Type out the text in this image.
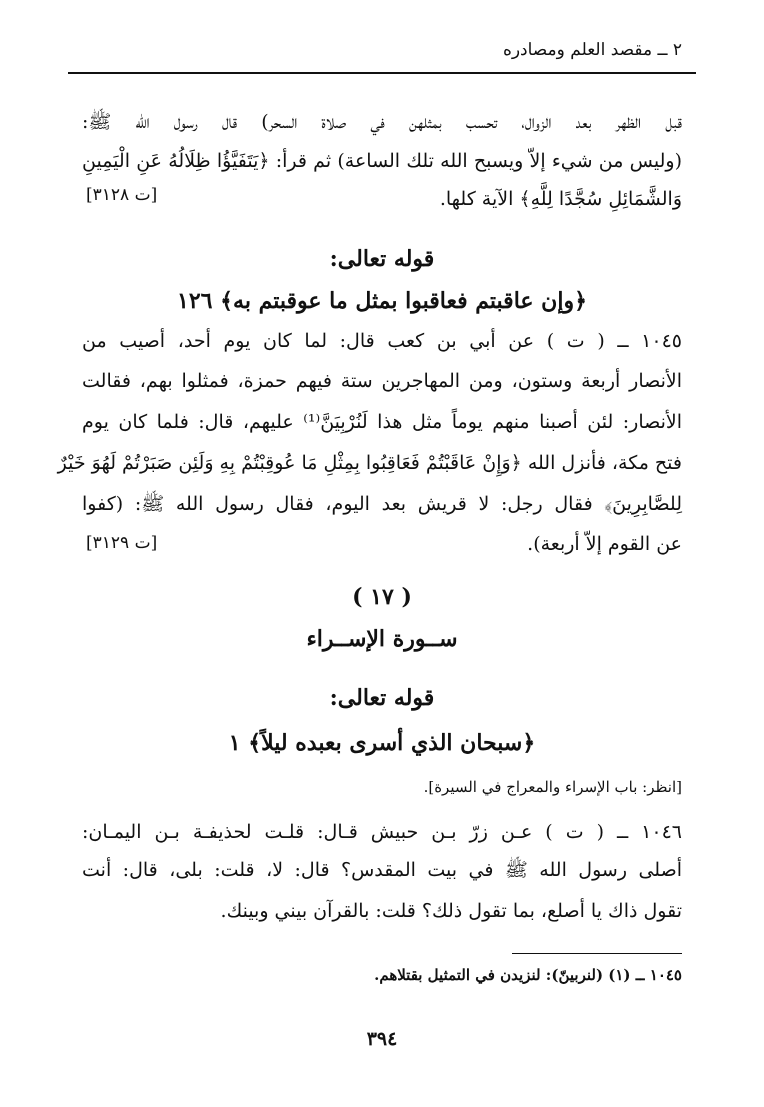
٢ ــ مقصد العلم ومصادره
قبل الظهر بعد الزوال، تحسب بمثلهن في صلاة السحر) قال رسول الله ﷺ:
(وليس من شيء إلاّ ويسبح الله تلك الساعة) ثم قرأ: ﴿يَتَفَيَّؤُا ظِلَالُهُ عَنِ الْيَمِينِ
وَالشَّمَائِلِ سُجَّدًا لِلَّهِ﴾ الآية كلها.
[ت ٣١٢٨]
قوله تعالى:
﴿وإن عاقبتم فعاقبوا بمثل ما عوقبتم به﴾ ١٢٦
١٠٤٥ ــ ( ت ) عن أبي بن كعب قال: لما كان يوم أحد، أصيب من
الأنصار أربعة وستون، ومن المهاجرين ستة فيهم حمزة، فمثلوا بهم، فقالت
الأنصار: لئن أصبنا منهم يوماً مثل هذا لَنُرْبِيَنَّ⁽¹⁾ عليهم، قال: فلما كان يوم
فتح مكة، فأنزل الله ﴿وَإِنْ عَاقَبْتُمْ فَعَاقِبُوا بِمِثْلِ مَا عُوقِبْتُمْ بِهِ وَلَئِن صَبَرْتُمْ لَهُوَ خَيْرٌ
لِلصَّابِرِينَ﴾ فقال رجل: لا قريش بعد اليوم، فقال رسول الله ﷺ: (كفوا
عن القوم إلاّ أربعة).
[ت ٣١٢٩]
( ١٧ )
ســورة الإســراء
قوله تعالى:
﴿سبحان الذي أسرى بعبده ليلاً﴾ ١
[انظر: باب الإسراء والمعراج في السيرة].
١٠٤٦ ــ ( ت ) عـن زرّ بـن حبيش قـال: قلـت لحذيفـة بـن اليمـان:
أصلى رسول الله ﷺ في بيت المقدس؟ قال: لا، قلت: بلى، قال: أنت
تقول ذاك يا أصلع، بما تقول ذلك؟ قلت: بالقرآن بيني وبينك.
١٠٤٥ ــ (١) (لنربينّ): لنزيدن في التمثيل بقتلاهم.
٣٩٤
